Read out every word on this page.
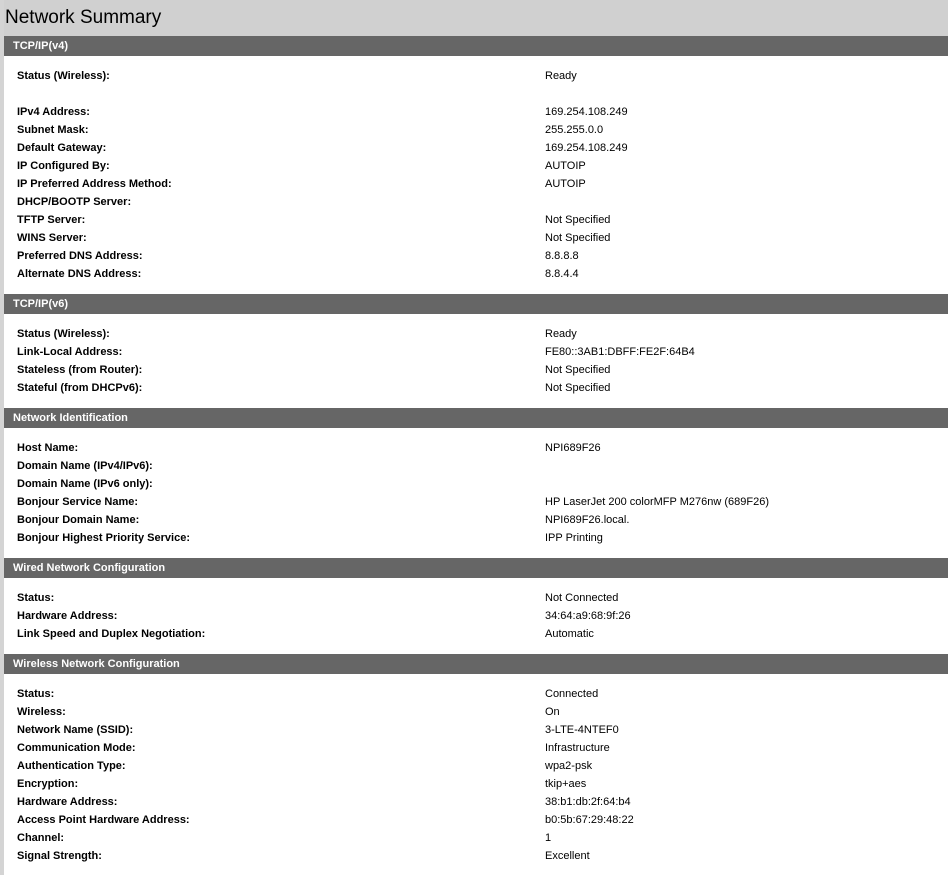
Network Summary
TCP/IP(v4)
Status (Wireless):	Ready
IPv4 Address:	169.254.108.249
Subnet Mask:	255.255.0.0
Default Gateway:	169.254.108.249
IP Configured By:	AUTOIP
IP Preferred Address Method:	AUTOIP
DHCP/BOOTP Server:
TFTP Server:	Not Specified
WINS Server:	Not Specified
Preferred DNS Address:	8.8.8.8
Alternate DNS Address:	8.8.4.4
TCP/IP(v6)
Status (Wireless):	Ready
Link-Local Address:	FE80::3AB1:DBFF:FE2F:64B4
Stateless (from Router):	Not Specified
Stateful (from DHCPv6):	Not Specified
Network Identification
Host Name:	NPI689F26
Domain Name (IPv4/IPv6):
Domain Name (IPv6 only):
Bonjour Service Name:	HP LaserJet 200 colorMFP M276nw (689F26)
Bonjour Domain Name:	NPI689F26.local.
Bonjour Highest Priority Service:	IPP Printing
Wired Network Configuration
Status:	Not Connected
Hardware Address:	34:64:a9:68:9f:26
Link Speed and Duplex Negotiation:	Automatic
Wireless Network Configuration
Status:	Connected
Wireless:	On
Network Name (SSID):	3-LTE-4NTEF0
Communication Mode:	Infrastructure
Authentication Type:	wpa2-psk
Encryption:	tkip+aes
Hardware Address:	38:b1:db:2f:64:b4
Access Point Hardware Address:	b0:5b:67:29:48:22
Channel:	1
Signal Strength:	Excellent
